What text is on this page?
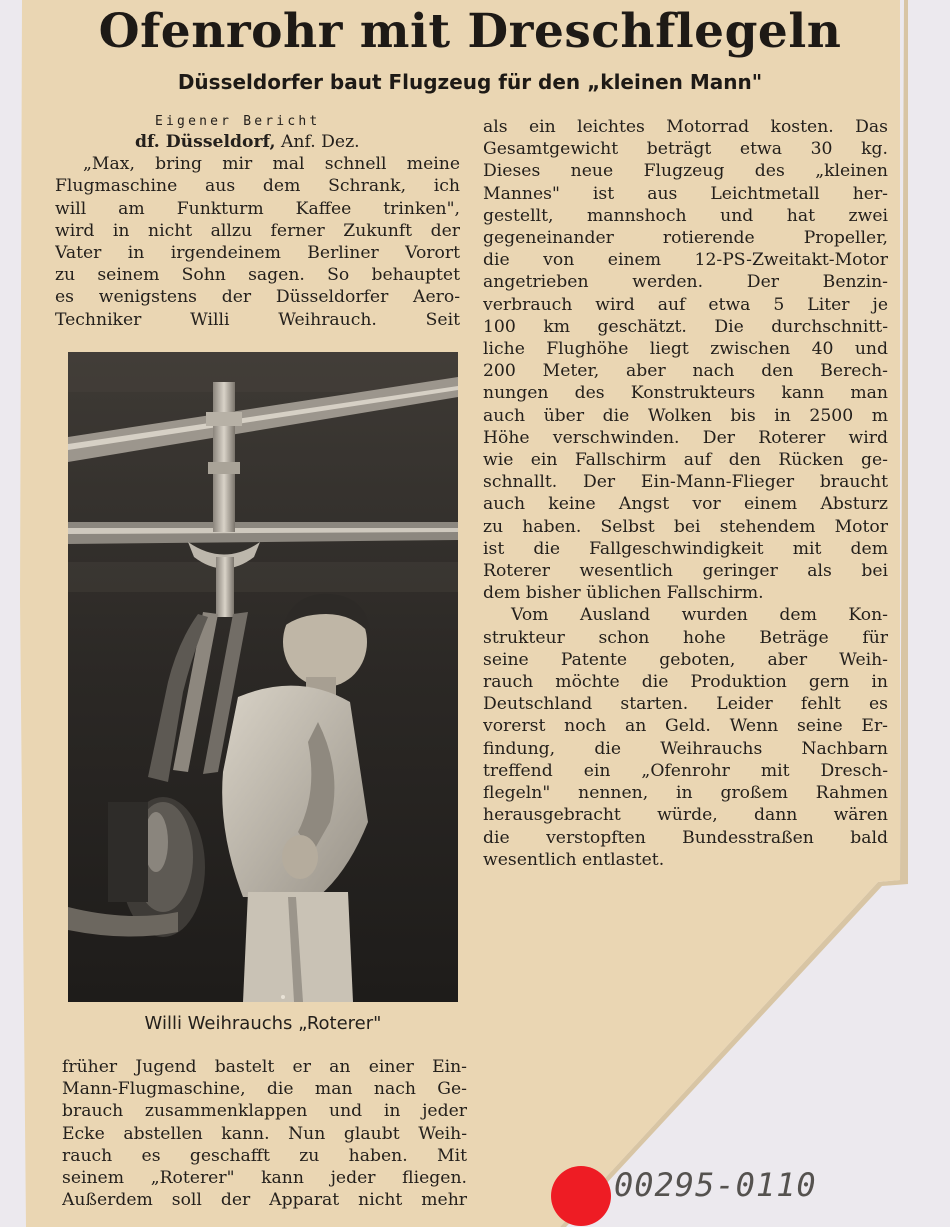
Ofenrohr mit Dreschflegeln
Düsseldorfer baut Flugzeug für den „kleinen Mann"
Eigener Bericht
df. Düsseldorf, Anf. Dez.
„Max, bring mir mal schnell meine
Flugmaschine aus dem Schrank, ich
will am Funkturm Kaffee trinken",
wird in nicht allzu ferner Zukunft der
Vater in irgendeinem Berliner Vorort
zu seinem Sohn sagen. So behauptet
es wenigstens der Düsseldorfer Aero-
Techniker Willi Weihrauch. Seit

Willi Weihrauchs „Roterer"

früher Jugend bastelt er an einer Ein-
Mann-Flugmaschine, die man nach Ge-
brauch zusammenklappen und in jeder
Ecke abstellen kann. Nun glaubt Weih-
rauch es geschafft zu haben. Mit
seinem „Roterer" kann jeder fliegen.
Außerdem soll der Apparat nicht mehr
als ein leichtes Motorrad kosten. Das
Gesamtgewicht beträgt etwa 30 kg.
Dieses neue Flugzeug des „kleinen
Mannes" ist aus Leichtmetall her-
gestellt, mannshoch und hat zwei
gegeneinander rotierende Propeller,
die von einem 12-PS-Zweitakt-Motor
angetrieben werden. Der Benzin-
verbrauch wird auf etwa 5 Liter je
100 km geschätzt. Die durchschnitt-
liche Flughöhe liegt zwischen 40 und
200 Meter, aber nach den Berech-
nungen des Konstrukteurs kann man
auch über die Wolken bis in 2500 m
Höhe verschwinden. Der Roterer wird
wie ein Fallschirm auf den Rücken ge-
schnallt. Der Ein-Mann-Flieger braucht
auch keine Angst vor einem Absturz
zu haben. Selbst bei stehendem Motor
ist die Fallgeschwindigkeit mit dem
Roterer wesentlich geringer als bei
dem bisher üblichen Fallschirm.
Vom Ausland wurden dem Kon-
strukteur schon hohe Beträge für
seine Patente geboten, aber Weih-
rauch möchte die Produktion gern in
Deutschland starten. Leider fehlt es
vorerst noch an Geld. Wenn seine Er-
findung, die Weihrauchs Nachbarn
treffend ein „Ofenrohr mit Dresch-
flegeln" nennen, in großem Rahmen
herausgebracht würde, dann wären
die verstopften Bundesstraßen bald
wesentlich entlastet.
00295-0110
